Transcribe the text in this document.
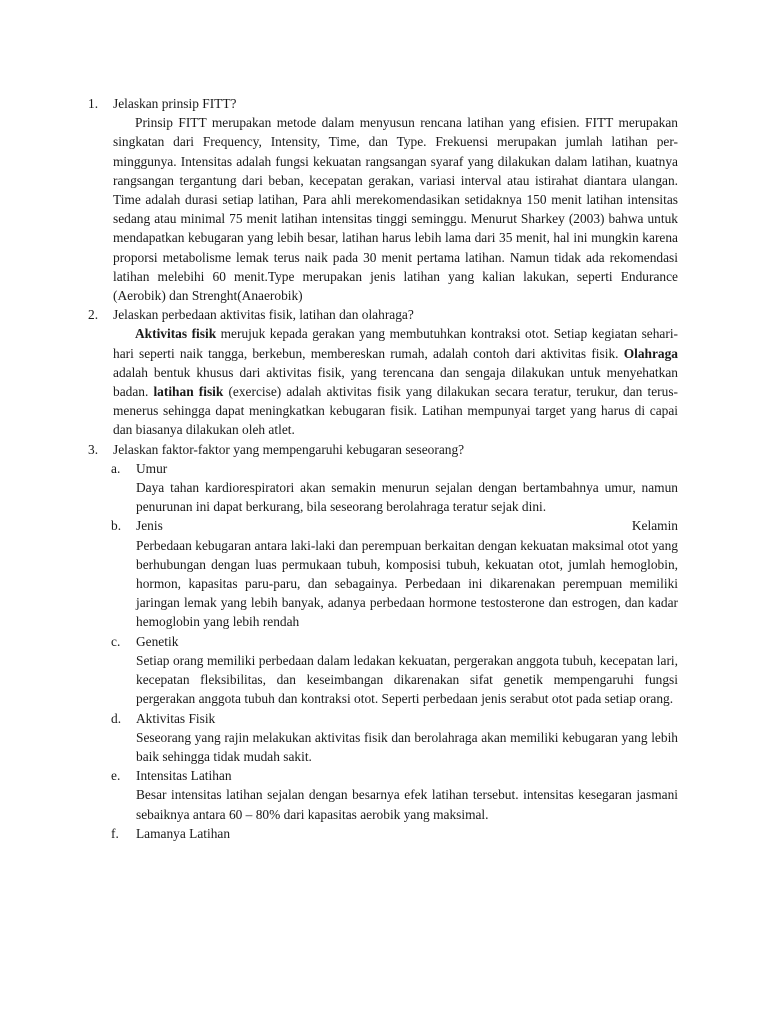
1. Jelaskan prinsip FITT?
Prinsip FITT merupakan metode dalam menyusun rencana latihan yang efisien. FITT merupakan singkatan dari Frequency, Intensity, Time, dan Type. Frekuensi merupakan jumlah latihan per-minggunya. Intensitas adalah fungsi kekuatan rangsangan syaraf yang dilakukan dalam latihan, kuatnya rangsangan tergantung dari beban, kecepatan gerakan, variasi interval atau istirahat diantara ulangan. Time adalah durasi setiap latihan, Para ahli merekomendasikan setidaknya 150 menit latihan intensitas sedang atau minimal 75 menit latihan intensitas tinggi seminggu. Menurut Sharkey (2003) bahwa untuk mendapatkan kebugaran yang lebih besar, latihan harus lebih lama dari 35 menit, hal ini mungkin karena proporsi metabolisme lemak terus naik pada 30 menit pertama latihan. Namun tidak ada rekomendasi latihan melebihi 60 menit.Type merupakan jenis latihan yang kalian lakukan, seperti Endurance (Aerobik) dan Strenght(Anaerobik)
2. Jelaskan perbedaan aktivitas fisik, latihan dan olahraga?
Aktivitas fisik merujuk kepada gerakan yang membutuhkan kontraksi otot. Setiap kegiatan sehari-hari seperti naik tangga, berkebun, membereskan rumah, adalah contoh dari aktivitas fisik. Olahraga adalah bentuk khusus dari aktivitas fisik, yang terencana dan sengaja dilakukan untuk menyehatkan badan. latihan fisik (exercise) adalah aktivitas fisik yang dilakukan secara teratur, terukur, dan terus-menerus sehingga dapat meningkatkan kebugaran fisik. Latihan mempunyai target yang harus di capai dan biasanya dilakukan oleh atlet.
3. Jelaskan faktor-faktor yang mempengaruhi kebugaran seseorang?
a. Umur
Daya tahan kardiorespiratori akan semakin menurun sejalan dengan bertambahnya umur, namun penurunan ini dapat berkurang, bila seseorang berolahraga teratur sejak dini.
b. Jenis	Kelamin
Perbedaan kebugaran antara laki-laki dan perempuan berkaitan dengan kekuatan maksimal otot yang berhubungan dengan luas permukaan tubuh, komposisi tubuh, kekuatan otot, jumlah hemoglobin, hormon, kapasitas paru-paru, dan sebagainya. Perbedaan ini dikarenakan perempuan memiliki jaringan lemak yang lebih banyak, adanya perbedaan hormone testosterone dan estrogen, dan kadar hemoglobin yang lebih rendah
c. Genetik
Setiap orang memiliki perbedaan dalam ledakan kekuatan, pergerakan anggota tubuh, kecepatan lari, kecepatan fleksibilitas, dan keseimbangan dikarenakan sifat genetik mempengaruhi fungsi pergerakan anggota tubuh dan kontraksi otot. Seperti perbedaan jenis serabut otot pada setiap orang.
d. Aktivitas Fisik
Seseorang yang rajin melakukan aktivitas fisik dan berolahraga akan memiliki kebugaran yang lebih baik sehingga tidak mudah sakit.
e. Intensitas Latihan
Besar intensitas latihan sejalan dengan besarnya efek latihan tersebut. intensitas kesegaran jasmani sebaiknya antara 60 – 80% dari kapasitas aerobik yang maksimal.
f. Lamanya Latihan
